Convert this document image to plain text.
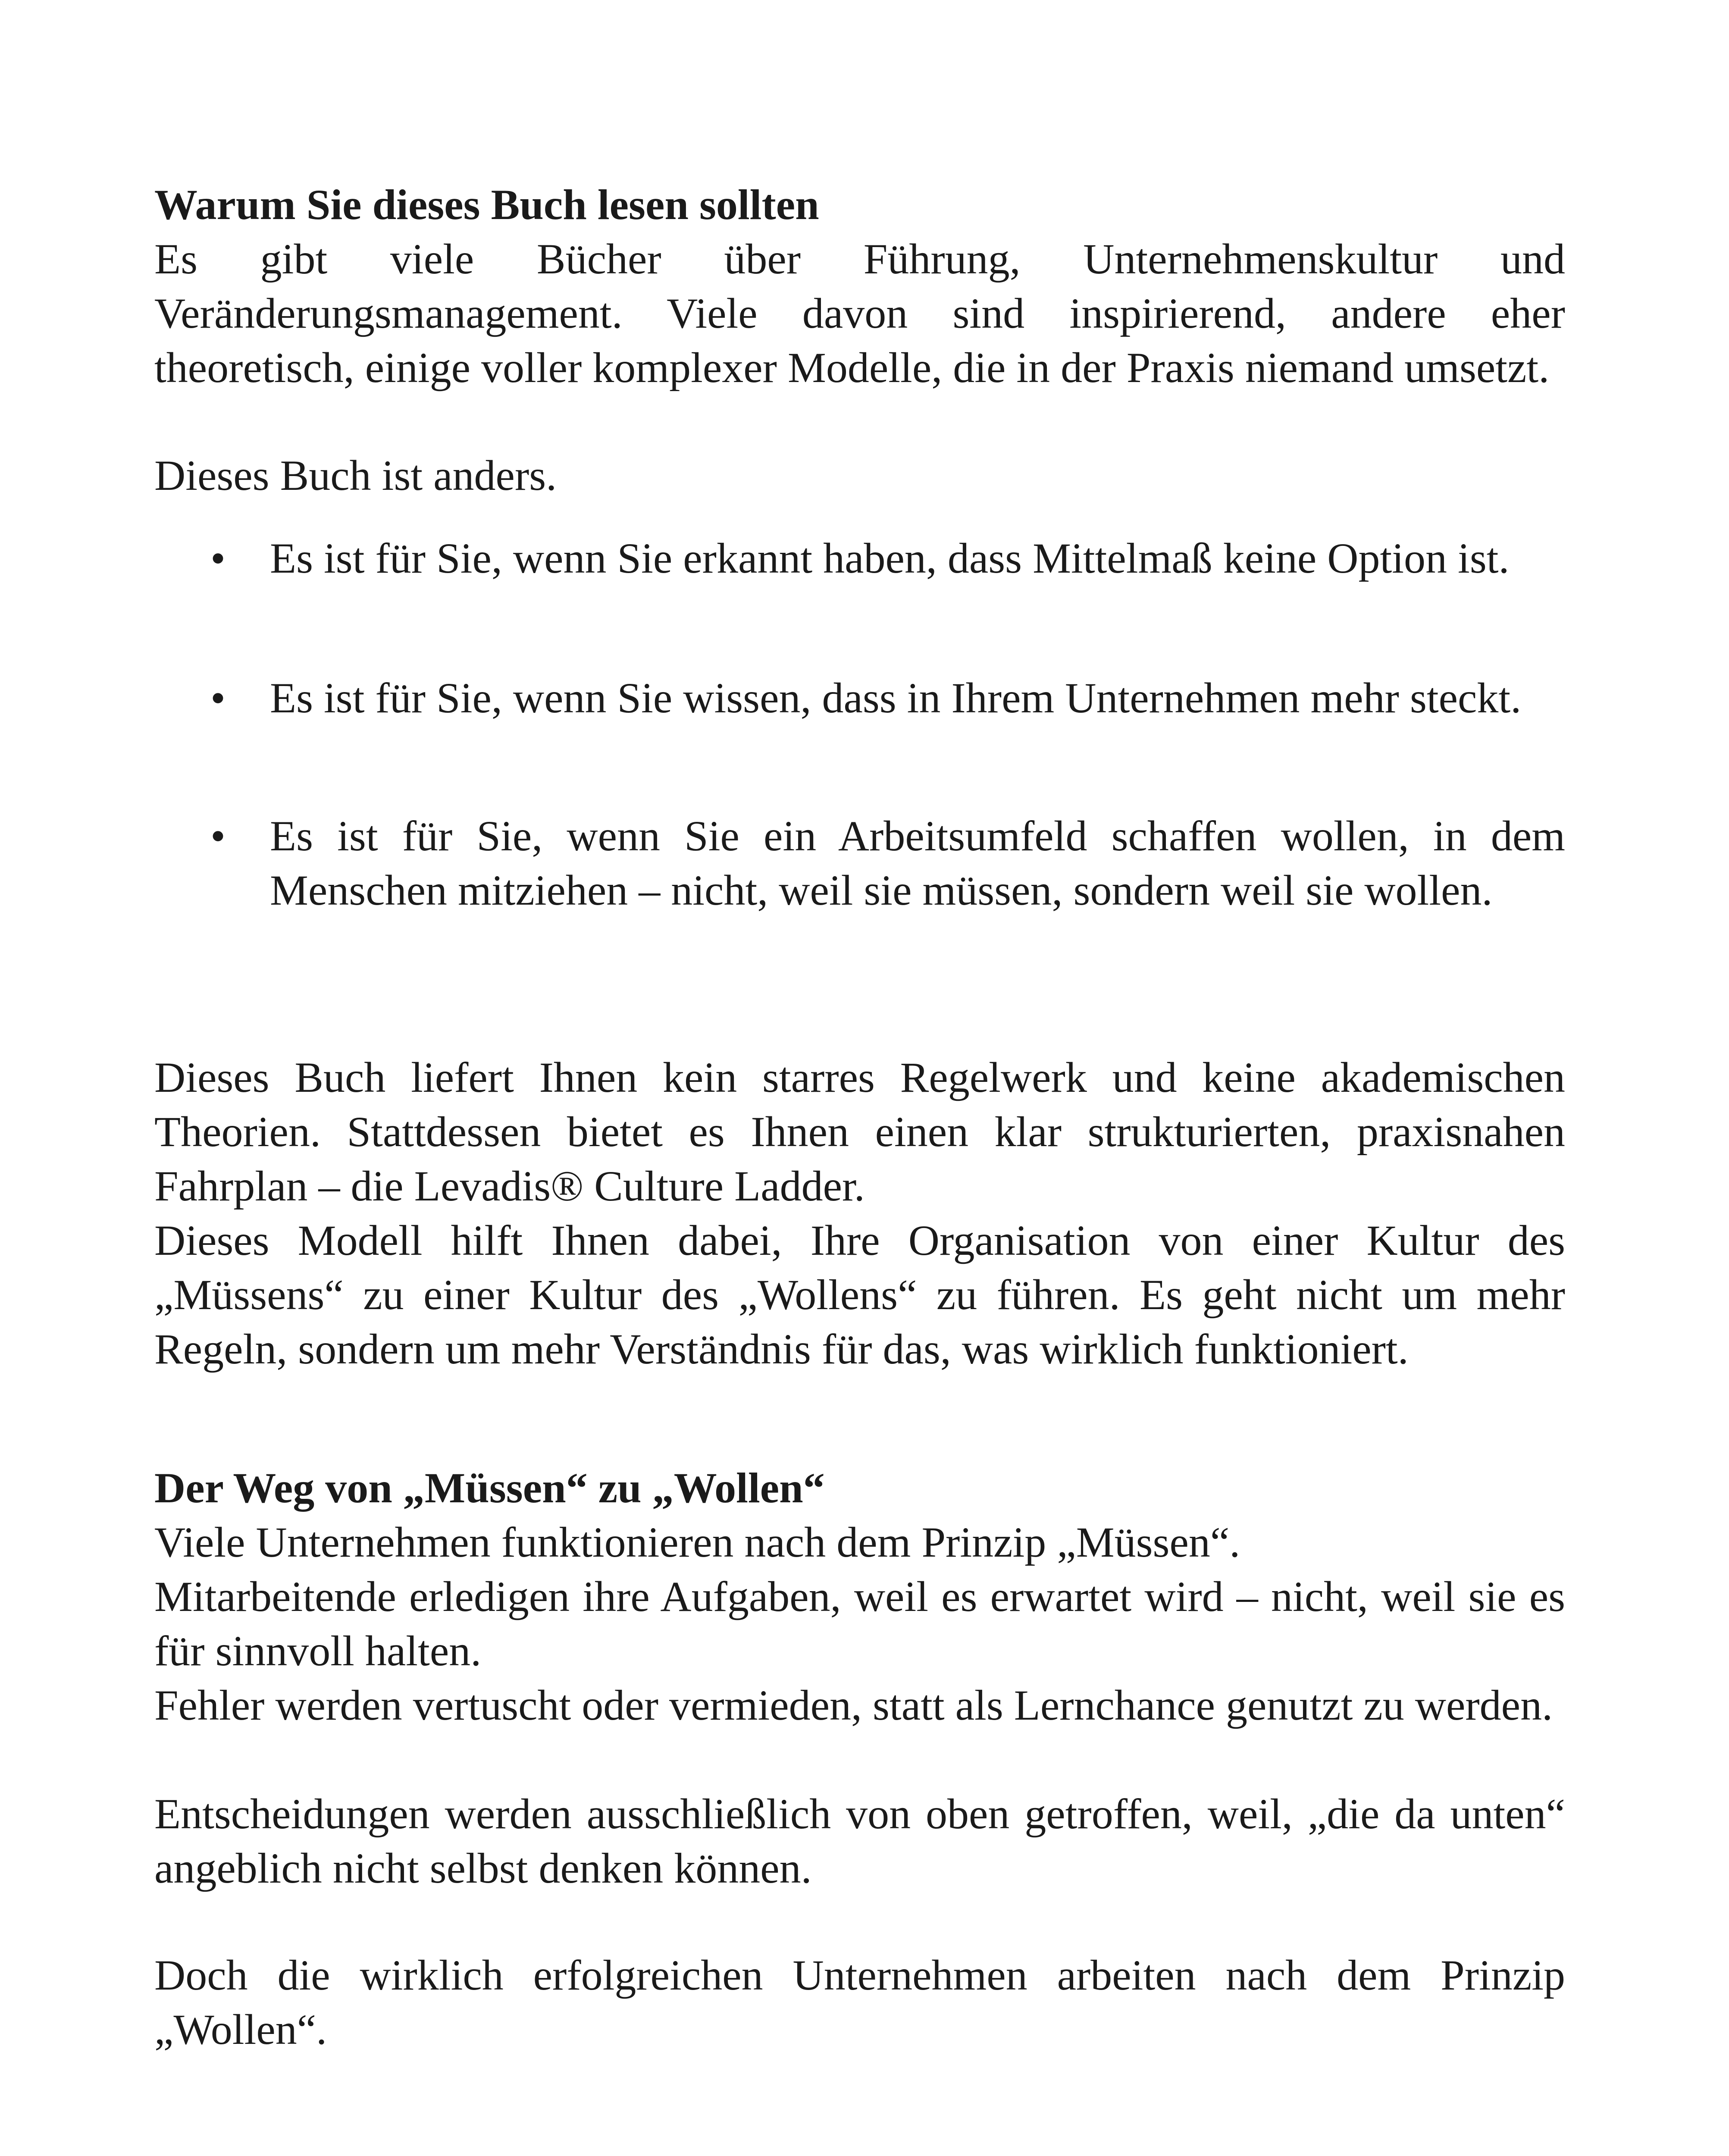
Warum Sie dieses Buch lesen sollten

Es gibt viele Bücher über Führung, Unternehmenskultur und Veränderungsmanagement. Viele davon sind inspirierend, andere eher theoretisch, einige voller komplexer Modelle, die in der Praxis niemand umsetzt.

Dieses Buch ist anders.

• Es ist für Sie, wenn Sie erkannt haben, dass Mittelmaß keine Option ist.
• Es ist für Sie, wenn Sie wissen, dass in Ihrem Unternehmen mehr steckt.
• Es ist für Sie, wenn Sie ein Arbeitsumfeld schaffen wollen, in dem Menschen mitziehen – nicht, weil sie müssen, sondern weil sie wollen.

Dieses Buch liefert Ihnen kein starres Regelwerk und keine akademischen Theorien. Stattdessen bietet es Ihnen einen klar strukturierten, praxisnahen Fahrplan – die Levadis® Culture Ladder.

Dieses Modell hilft Ihnen dabei, Ihre Organisation von einer Kultur des „Müssens“ zu einer Kultur des „Wollens“ zu führen. Es geht nicht um mehr Regeln, sondern um mehr Verständnis für das, was wirklich funktioniert.

Der Weg von „Müssen“ zu „Wollen“

Viele Unternehmen funktionieren nach dem Prinzip „Müssen“.

Mitarbeitende erledigen ihre Aufgaben, weil es erwartet wird – nicht, weil sie es für sinnvoll halten.

Fehler werden vertuscht oder vermieden, statt als Lernchance genutzt zu werden.

Entscheidungen werden ausschließlich von oben getroffen, weil, „die da unten“ angeblich nicht selbst denken können.

Doch die wirklich erfolgreichen Unternehmen arbeiten nach dem Prinzip „Wollen“.
